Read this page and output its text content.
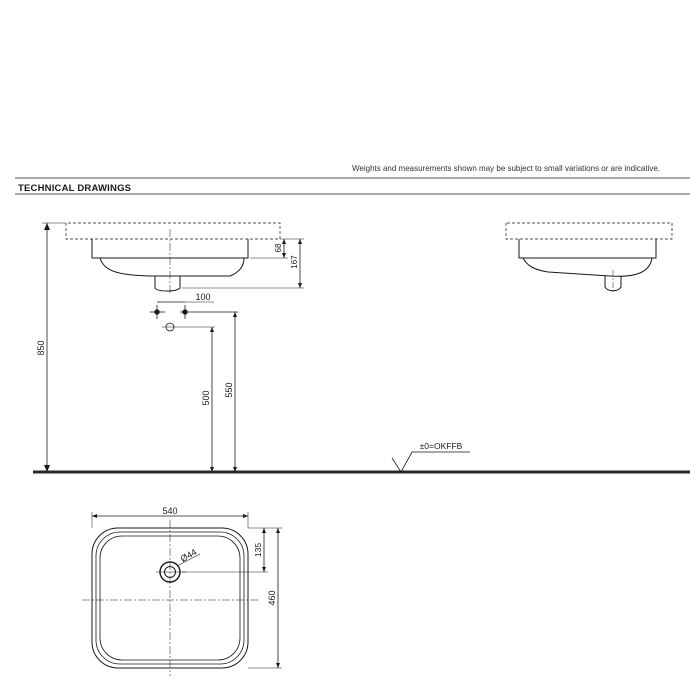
Weights and measurements shown may be subject to small variations or are indicative.
TECHNICAL DRAWINGS
850
68
167
100
500
550
±0=OKFFB
540
135
460
Ø44
